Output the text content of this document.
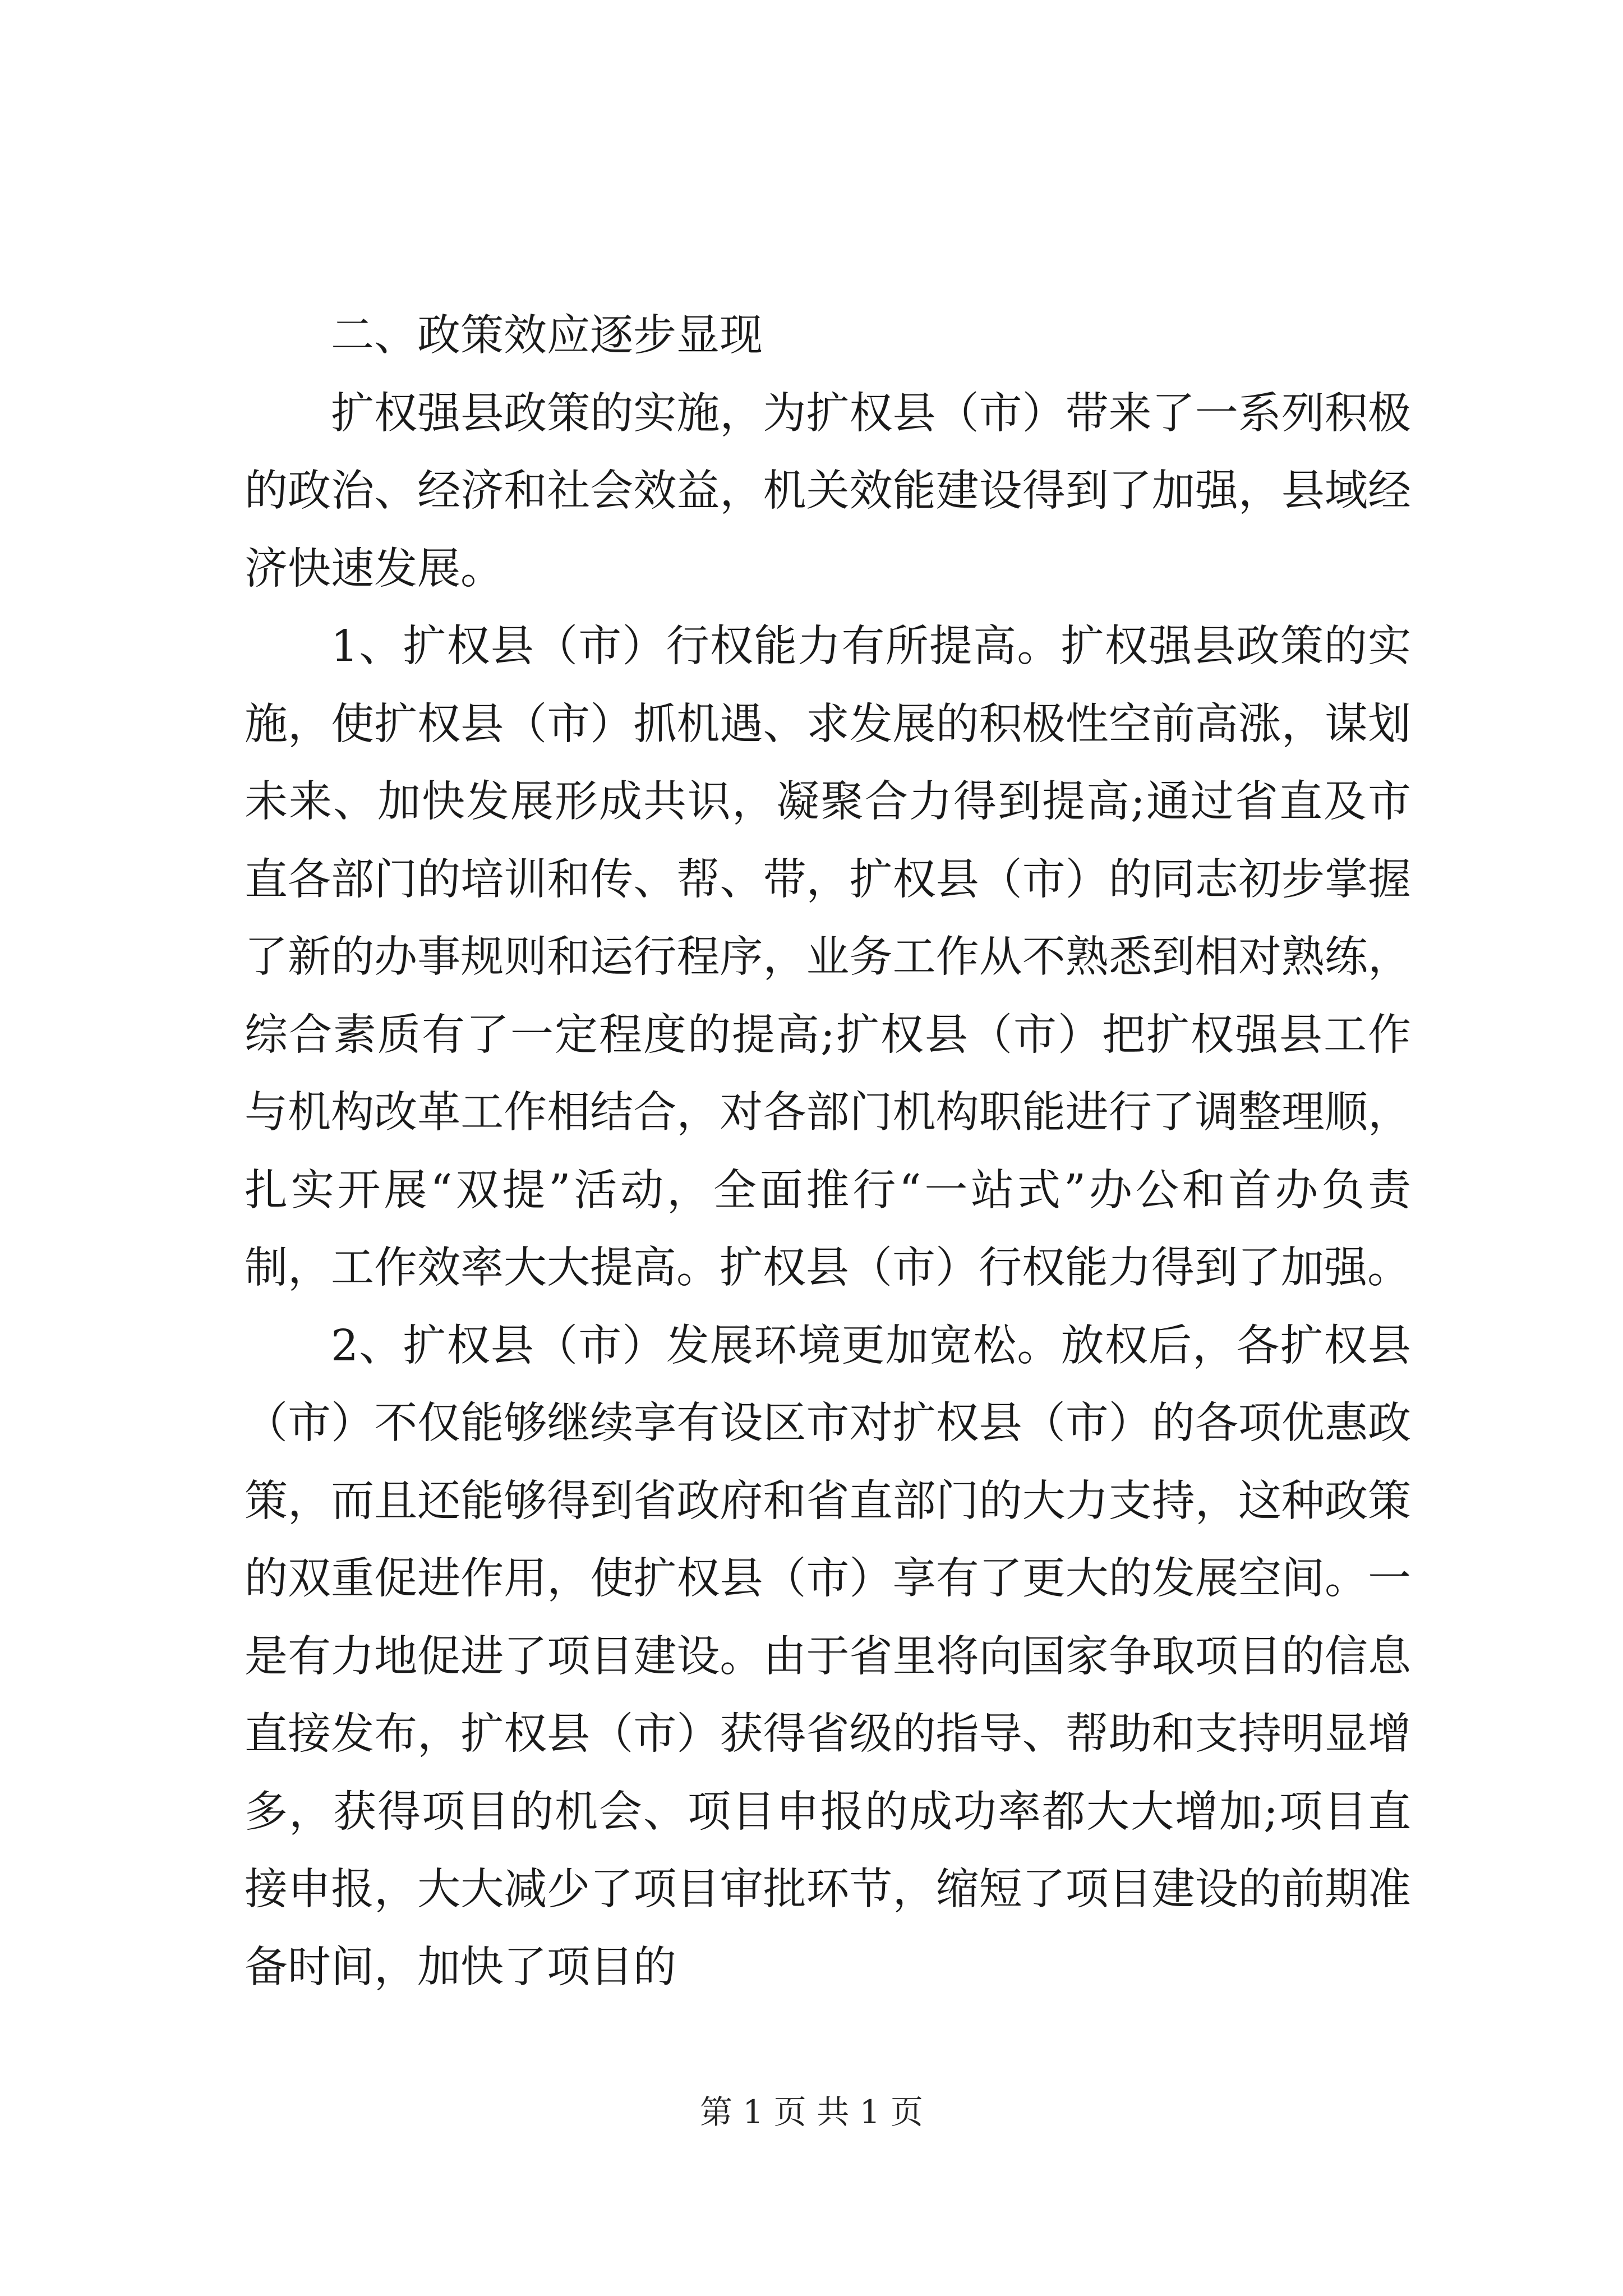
二、政策效应逐步显现

扩权强县政策的实施，为扩权县（市）带来了一系列积极的政治、经济和社会效益，机关效能建设得到了加强，县域经济快速发展。

1、扩权县（市）行权能力有所提高。扩权强县政策的实施，使扩权县（市）抓机遇、求发展的积极性空前高涨，谋划未来、加快发展形成共识，凝聚合力得到提高;通过省直及市直各部门的培训和传、帮、带，扩权县（市）的同志初步掌握了新的办事规则和运行程序，业务工作从不熟悉到相对熟练，综合素质有了一定程度的提高;扩权县（市）把扩权强县工作与机构改革工作相结合，对各部门机构职能进行了调整理顺，扎实开展“双提”活动，全面推行“一站式”办公和首办负责制，工作效率大大提高。扩权县（市）行权能力得到了加强。

2、扩权县（市）发展环境更加宽松。放权后，各扩权县（市）不仅能够继续享有设区市对扩权县（市）的各项优惠政策，而且还能够得到省政府和省直部门的大力支持，这种政策的双重促进作用，使扩权县（市）享有了更大的发展空间。一是有力地促进了项目建设。由于省里将向国家争取项目的信息直接发布，扩权县（市）获得省级的指导、帮助和支持明显增多，获得项目的机会、项目申报的成功率都大大增加;项目直接申报，大大减少了项目审批环节，缩短了项目建设的前期准备时间，加快了项目的

第 1 页 共 1 页
